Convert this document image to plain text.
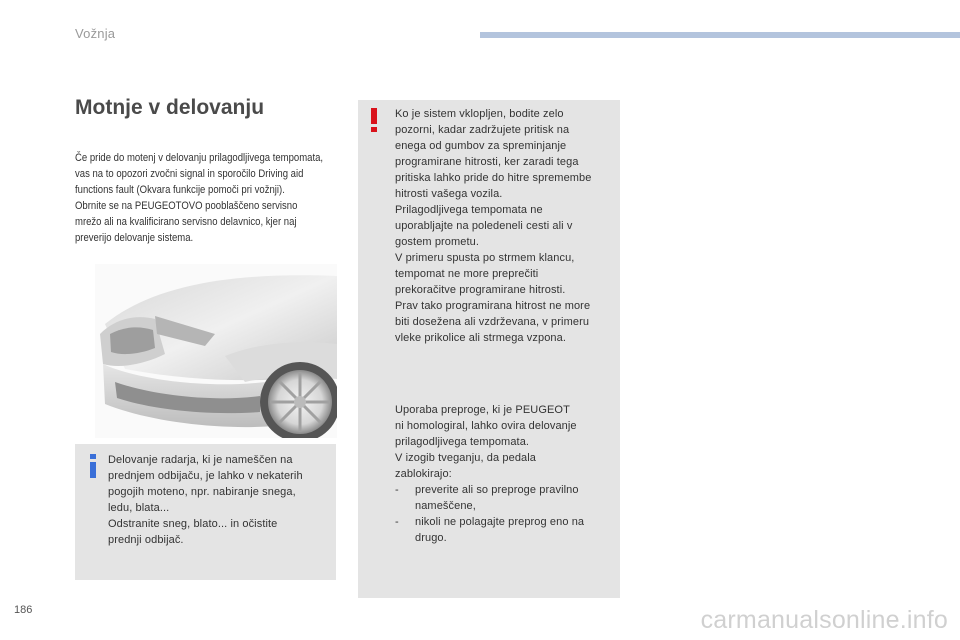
Vožnja
Motnje v delovanju

Če pride do motenj v delovanju prilagodljivega tempomata,

vas na to opozori zvočni signal in sporočilo Driving aid

functions fault (Okvara funkcije pomoči pri vožnji).

Obrnite se na PEUGEOTOVO pooblaščeno servisno

mrežo ali na kvalificirano servisno delavnico, kjer naj

preverijo delovanje sistema.

Delovanje radarja, ki je nameščen na

prednjem odbijaču, je lahko v nekaterih

pogojih moteno, npr. nabiranje snega,

ledu, blata...

Odstranite sneg, blato... in očistite

prednji odbijač.

Ko je sistem vklopljen, bodite zelo

pozorni, kadar zadržujete pritisk na

enega od gumbov za spreminjanje

programirane hitrosti, ker zaradi tega

pritiska lahko pride do hitre spremembe

hitrosti vašega vozila.

Prilagodljivega tempomata ne

uporabljajte na poledeneli cesti ali v

gostem prometu.

V primeru spusta po strmem klancu,

tempomat ne more preprečiti

prekoračitve programirane hitrosti.

Prav tako programirana hitrost ne more

biti dosežena ali vzdrževana, v primeru

vleke prikolice ali strmega vzpona.

Uporaba preproge, ki je PEUGEOT

ni homologiral, lahko ovira delovanje

prilagodljivega tempomata.

V izogib tveganju, da pedala

zablokirajo:

- preverite ali so preproge pravilno
nameščene,
- nikoli ne polagajte preprog eno na
drugo.
186	carmanualsonline.info
